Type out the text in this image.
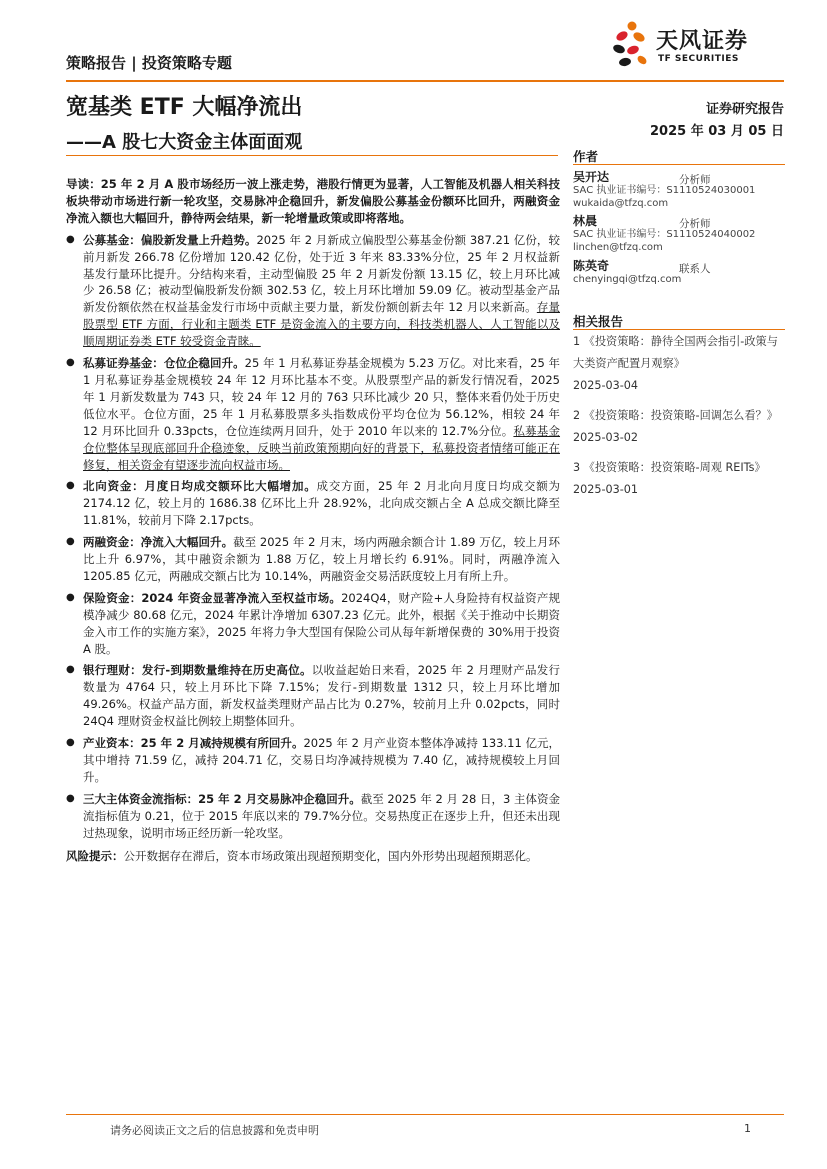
策略报告 | 投资策略专题
天风证券
TF SECURITIES
宽基类 ETF 大幅净流出
——A 股七大资金主体面面观
证券研究报告
2025 年 03 月 05 日
作者
吴开达	分析师
SAC 执业证书编号：S1110524030001
wukaida@tfzq.com
林晨	分析师
SAC 执业证书编号：S1110524040002
linchen@tfzq.com
陈英奇	联系人
chenyingqi@tfzq.com
相关报告
1 《投资策略：静待全国两会指引-政策与大类资产配置月观察》
2025-03-04
2 《投资策略：投资策略-回调怎么看？》
2025-03-02
3 《投资策略：投资策略-周观 REITs》
2025-03-01

导读：25 年 2 月 A 股市场经历一波上涨走势，港股行情更为显著，人工智能及机器人相关科技板块带动市场进行新一轮攻坚，交易脉冲企稳回升，新发偏股公募基金份额环比回升，两融资金净流入额也大幅回升，静待两会结果，新一轮增量政策或即将落地。

● 公募基金：偏股新发量上升趋势。2025 年 2 月新成立偏股型公募基金份额 387.21 亿份，较前月新发 266.78 亿份增加 120.42 亿份，处于近 3 年来 83.33%分位，25 年 2 月权益新基发行量环比提升。分结构来看，主动型偏股 25 年 2 月新发份额 13.15 亿，较上月环比减少 26.58 亿；被动型偏股新发份额 302.53 亿，较上月环比增加 59.09 亿。被动型基金产品新发份额依然在权益基金发行市场中贡献主要力量，新发份额创新去年 12 月以来新高。存量股票型 ETF 方面，行业和主题类 ETF 是资金流入的主要方向，科技类机器人、人工智能以及顺周期证券类 ETF 较受资金青睐。

● 私募证券基金：仓位企稳回升。25 年 1 月私募证券基金规模为 5.23 万亿。对比来看，25 年 1 月私募证券基金规模较 24 年 12 月环比基本不变。从股票型产品的新发行情况看，2025 年 1 月新发数量为 743 只，较 24 年 12 月的 763 只环比减少 20 只，整体来看仍处于历史低位水平。仓位方面，25 年 1 月私募股票多头指数成份平均仓位为 56.12%，相较 24 年 12 月环比回升 0.33pcts，仓位连续两月回升，处于 2010 年以来的 12.7%分位。私募基金仓位整体呈现底部回升企稳迹象，反映当前政策预期向好的背景下，私募投资者情绪可能正在修复，相关资金有望逐步流向权益市场。

● 北向资金：月度日均成交额环比大幅增加。成交方面，25 年 2 月北向月度日均成交额为 2174.12 亿，较上月的 1686.38 亿环比上升 28.92%，北向成交额占全 A 总成交额比降至 11.81%，较前月下降 2.17pcts。

● 两融资金：净流入大幅回升。截至 2025 年 2 月末，场内两融余额合计 1.89 万亿，较上月环比上升 6.97%，其中融资余额为 1.88 万亿，较上月增长约 6.91%。同时，两融净流入 1205.85 亿元，两融成交额占比为 10.14%，两融资金交易活跃度较上月有所上升。

● 保险资金：2024 年资金显著净流入至权益市场。2024Q4，财产险+人身险持有权益资产规模净减少 80.68 亿元，2024 年累计净增加 6307.23 亿元。此外，根据《关于推动中长期资金入市工作的实施方案》，2025 年将力争大型国有保险公司从每年新增保费的 30%用于投资 A 股。

● 银行理财：发行-到期数量维持在历史高位。以收益起始日来看，2025 年 2 月理财产品发行数量为 4764 只，较上月环比下降 7.15%；发行-到期数量 1312 只，较上月环比增加 49.26%。权益产品方面，新发权益类理财产品占比为 0.27%，较前月上升 0.02pcts，同时 24Q4 理财资金权益比例较上期整体回升。

● 产业资本：25 年 2 月减持规模有所回升。2025 年 2 月产业资本整体净减持 133.11 亿元，其中增持 71.59 亿，减持 204.71 亿，交易日均净减持规模为 7.40 亿，减持规模较上月回升。

● 三大主体资金流指标：25 年 2 月交易脉冲企稳回升。截至 2025 年 2 月 28 日，3 主体资金流指标值为 0.21，位于 2015 年底以来的 79.7%分位。交易热度正在逐步上升，但还未出现过热现象，说明市场正经历新一轮攻坚。

风险提示：公开数据存在滞后，资本市场政策出现超预期变化，国内外形势出现超预期恶化。

请务必阅读正文之后的信息披露和免责申明	1
